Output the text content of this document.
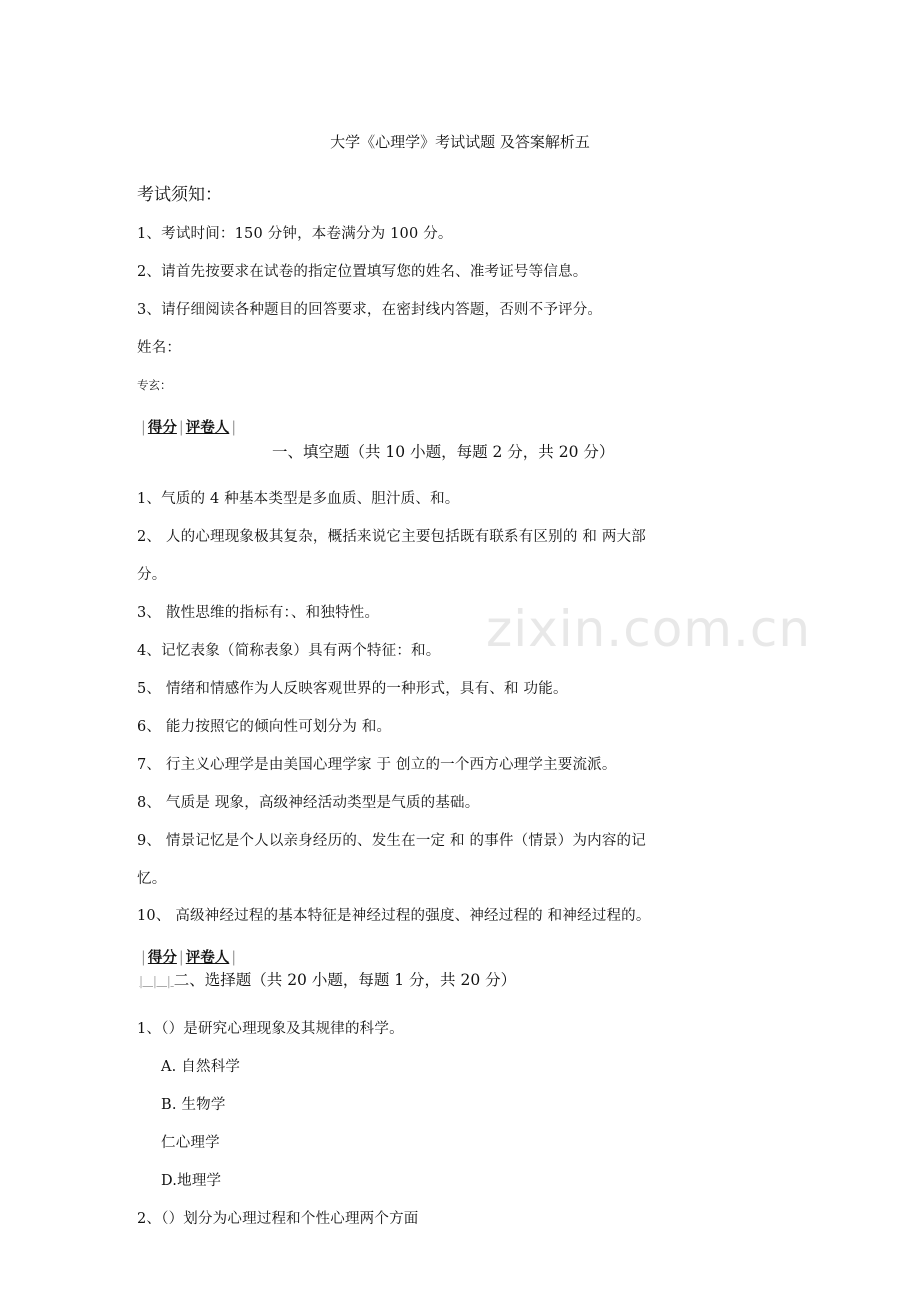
zixin.com.cn
大学《心理学》考试试题 及答案解析五
考试须知：
1、考试时间：150 分钟，本卷满分为 100 分。
2、请首先按要求在试卷的指定位置填写您的姓名、准考证号等信息。
3、请仔细阅读各种题目的回答要求，在密封线内答题，否则不予评分。
姓名：
专玄：
| 得分 | 评卷人 |
一、填空题（共 10 小题，每题 2 分，共 20 分）
1、气质的 4 种基本类型是多血质、胆汁质、和。
2、 人的心理现象极其复杂，概括来说它主要包括既有联系有区别的 和 两大部
分。
3、 散性思维的指标有：、和独特性。
4、记忆表象（简称表象）具有两个特征：和。
5、 情绪和情感作为人反映客观世界的一种形式，具有、和 功能。
6、 能力按照它的倾向性可划分为 和。
7、 行主义心理学是由美国心理学家 于 创立的一个西方心理学主要流派。
8、 气质是 现象，高级神经活动类型是气质的基础。
9、 情景记忆是个人以亲身经历的、发生在一定 和 的事件（情景）为内容的记
忆。
10、 高级神经过程的基本特征是神经过程的强度、神经过程的 和神经过程的。
| 得分 | 评卷人 |
| | |二、选择题（共 20 小题，每题 1 分，共 20 分）
1、（）是研究心理现象及其规律的科学。
A. 自然科学
B. 生物学
仁心理学
D.地理学
2、（）划分为心理过程和个性心理两个方面
